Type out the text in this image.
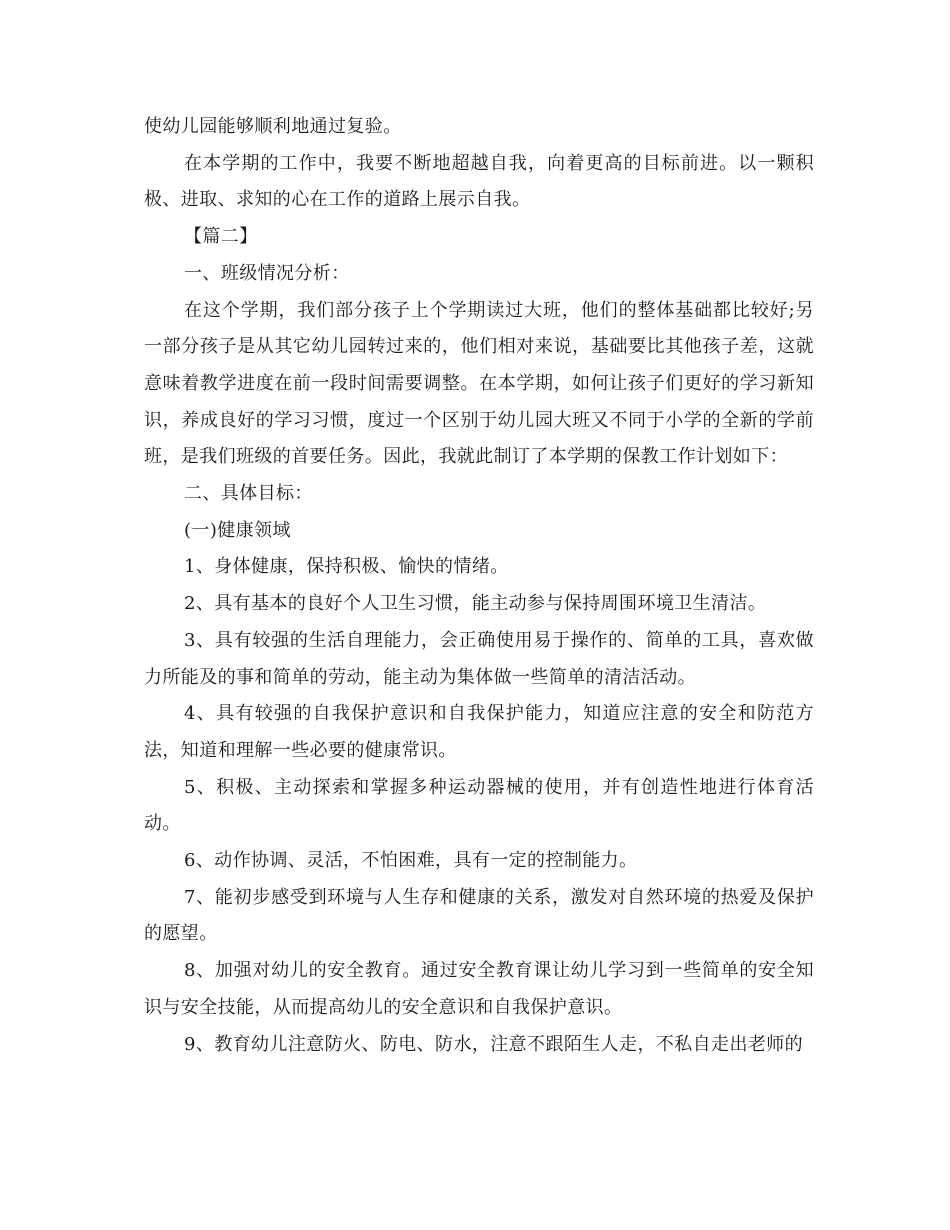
使幼儿园能够顺利地通过复验。

在本学期的工作中，我要不断地超越自我，向着更高的目标前进。以一颗积极、进取、求知的心在工作的道路上展示自我。

【篇二】

一、班级情况分析：

在这个学期，我们部分孩子上个学期读过大班，他们的整体基础都比较好;另一部分孩子是从其它幼儿园转过来的，他们相对来说，基础要比其他孩子差，这就意味着教学进度在前一段时间需要调整。在本学期，如何让孩子们更好的学习新知识，养成良好的学习习惯，度过一个区别于幼儿园大班又不同于小学的全新的学前班，是我们班级的首要任务。因此，我就此制订了本学期的保教工作计划如下：

二、具体目标：

(一)健康领域

1、身体健康，保持积极、愉快的情绪。

2、具有基本的良好个人卫生习惯，能主动参与保持周围环境卫生清洁。

3、具有较强的生活自理能力，会正确使用易于操作的、简单的工具，喜欢做力所能及的事和简单的劳动，能主动为集体做一些简单的清洁活动。

4、具有较强的自我保护意识和自我保护能力，知道应注意的安全和防范方法，知道和理解一些必要的健康常识。

5、积极、主动探索和掌握多种运动器械的使用，并有创造性地进行体育活动。

6、动作协调、灵活，不怕困难，具有一定的控制能力。

7、能初步感受到环境与人生存和健康的关系，激发对自然环境的热爱及保护的愿望。

8、加强对幼儿的安全教育。通过安全教育课让幼儿学习到一些简单的安全知识与安全技能，从而提高幼儿的安全意识和自我保护意识。

9、教育幼儿注意防火、防电、防水，注意不跟陌生人走，不私自走出老师的
